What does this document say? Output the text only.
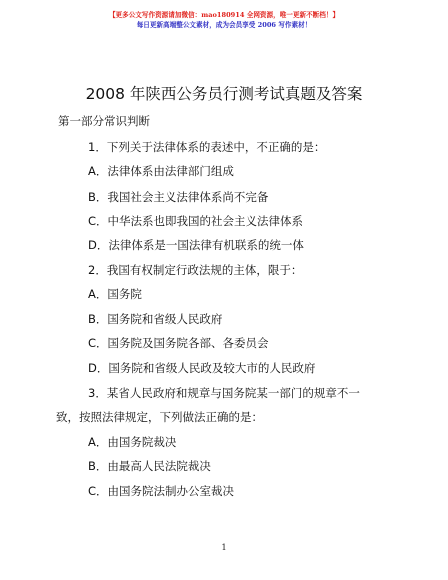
【更多公文写作资源请加微信：mao180914 全网资源，唯一更新不断档！】
每日更新高端整公文素材，成为会员享受 2006 写作素材！
2008 年陕西公务员行测考试真题及答案
第一部分常识判断
1．下列关于法律体系的表述中，不正确的是：
A．法律体系由法律部门组成
B．我国社会主义法律体系尚不完备
C．中华法系也即我国的社会主义法律体系
D．法律体系是一国法律有机联系的统一体
2．我国有权制定行政法规的主体，限于：
A．国务院
B．国务院和省级人民政府
C．国务院及国务院各部、各委员会
D．国务院和省级人民政及较大市的人民政府
3．某省人民政府和规章与国务院某一部门的规章不一
致，按照法律规定，下列做法正确的是：
A．由国务院裁决
B．由最高人民法院裁决
C．由国务院法制办公室裁决
1
